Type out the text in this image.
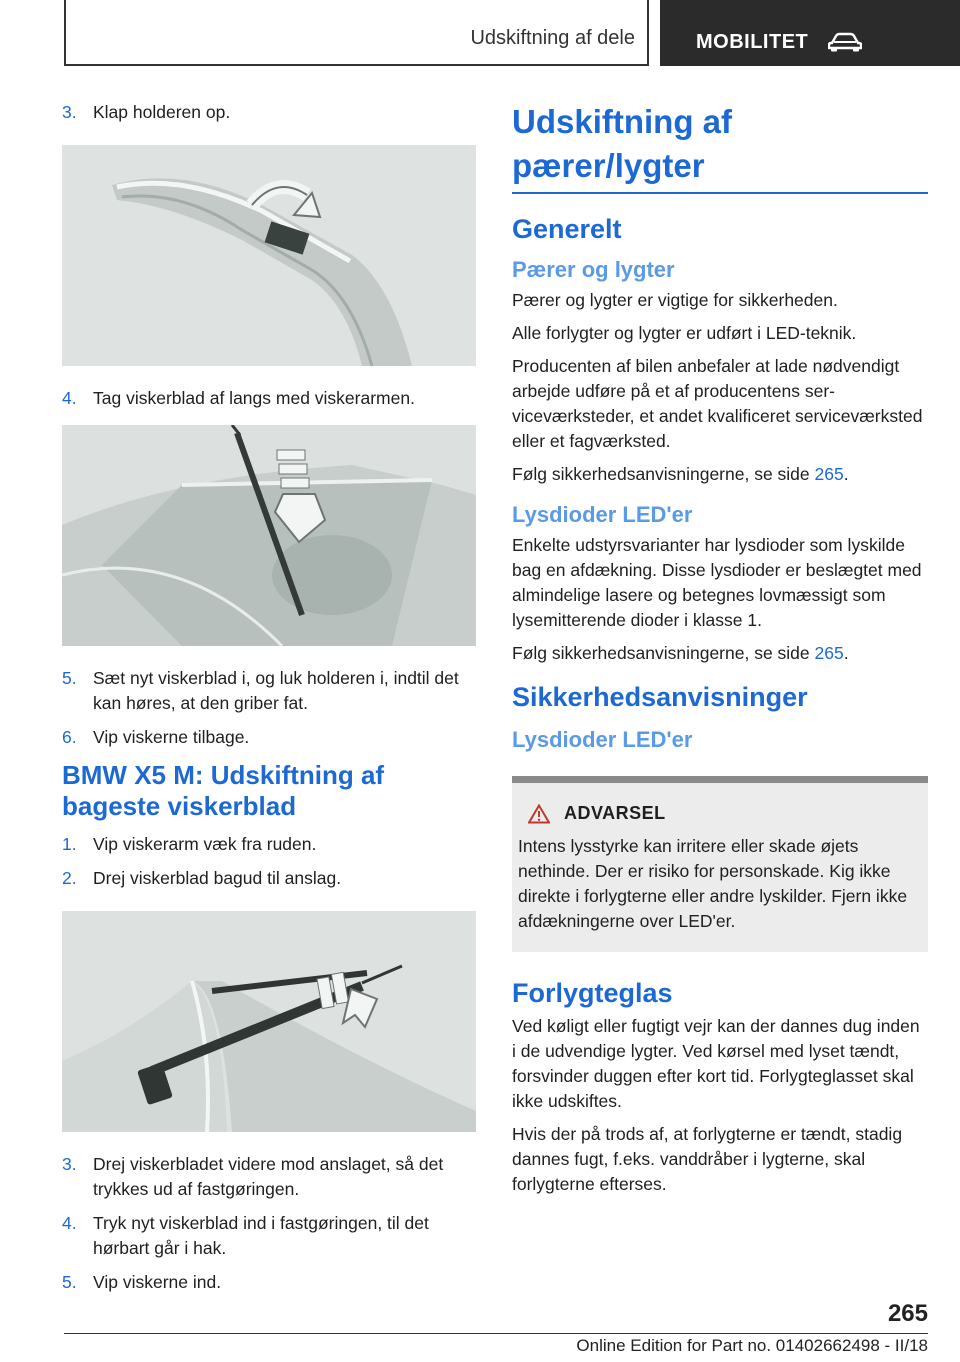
Udskiftning af dele	MOBILITET
3. Klap holderen op.
4. Tag viskerblad af langs med viskerarmen.
5. Sæt nyt viskerblad i, og luk holderen i, indtil det kan høres, at den griber fat.
6. Vip viskerne tilbage.
BMW X5 M: Udskiftning af bageste viskerblad
1. Vip viskerarm væk fra ruden.
2. Drej viskerblad bagud til anslag.
3. Drej viskerbladet videre mod anslaget, så det trykkes ud af fastgøringen.
4. Tryk nyt viskerblad ind i fastgøringen, til det hørbart går i hak.
5. Vip viskerne ind.
Udskiftning af pærer/lygter
Generelt
Pærer og lygter

Pærer og lygter er vigtige for sikkerheden.

Alle forlygter og lygter er udført i LED-teknik.

Producenten af bilen anbefaler at lade nødvendigt arbejde udføre på et af producentens serviceværksteder, et andet kvalificeret serviceværksted eller et fagværksted.

Følg sikkerhedsanvisningerne, se side 265.

Lysdioder LED'er

Enkelte udstyrsvarianter har lysdioder som lyskilde bag en afdækning. Disse lysdioder er beslægtet med almindelige lasere og betegnes lovmæssigt som lysemitterende dioder i klasse 1.

Følg sikkerhedsanvisningerne, se side 265.

Sikkerhedsanvisninger
Lysdioder LED'er
ADVARSEL
Intens lysstyrke kan irritere eller skade øjets nethinde. Der er risiko for personskade. Kig ikke direkte i forlygterne eller andre lyskilder. Fjern ikke afdækningerne over LED'er.
Forlygteglas

Ved køligt eller fugtigt vejr kan der dannes dug inden i de udvendige lygter. Ved kørsel med lyset tændt, forsvinder duggen efter kort tid. Forlygteglasset skal ikke udskiftes.

Hvis der på trods af, at forlygterne er tændt, stadig dannes fugt, f.eks. vanddråber i lygterne, skal forlygterne efterses.

265
Online Edition for Part no. 01402662498 - II/18
